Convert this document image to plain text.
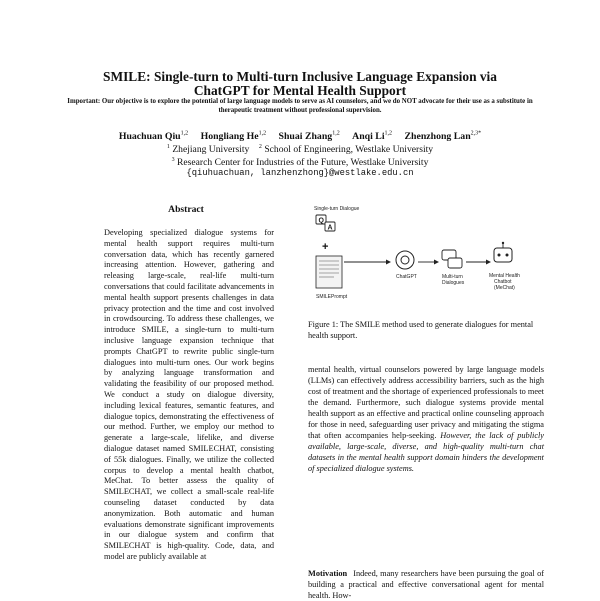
SMILE: Single-turn to Multi-turn Inclusive Language Expansion via
ChatGPT for Mental Health Support
Important: Our objective is to explore the potential of large language models to serve as AI counselors, and we do NOT advocate for their use as a substitute in therapeutic treatment without professional supervision.
Huachuan Qiu$^{1,2}$ Hongliang He$^{1,2}$ Shuai Zhang$^{1,2}$ Anqi Li$^{1,2}$ Zhenzhong Lan$^{2,3*}$
$^1$ Zhejiang University $^2$ School of Engineering, Westlake University
$^3$ Research Center for Industries of the Future, Westlake University
{qiuhuachuan, lanzhenzhong}@westlake.edu.cn
Abstract
Developing specialized dialogue systems for mental health support requires multi-turn conversation data, which has recently garnered increasing attention. However, gathering and releasing large-scale, real-life multi-turn conversations that could facilitate advancements in mental health support presents challenges in data privacy protection and the time and cost involved in crowdsourcing. To address these challenges, we introduce SMILE, a single-turn to multi-turn inclusive language expansion technique that prompts ChatGPT to rewrite public single-turn dialogues into multi-turn ones. Our work begins by analyzing language transformation and validating the feasibility of our proposed method. We conduct a study on dialogue diversity, including lexical features, semantic features, and dialogue topics, demonstrating the effectiveness of our method. Further, we employ our method to generate a large-scale, lifelike, and diverse dialogue dataset named SMILECHAT, consisting of 55k dialogues. Finally, we utilize the collected corpus to develop a mental health chatbot, MeChat. To better assess the quality of SMILECHAT, we collect a small-scale real-life counseling dataset conducted by data anonymization. Both automatic and human evaluations demonstrate significant improvements in our dialogue system and confirm that SMILECHAT is high-quality. Code, data, and model are publicly available at
Single-turn Dialogue
Q
A
+
SMILEPrompt
ChatGPT	Multi-turn
Dialogues
Mental Health
Chatbot
(MeChat)
Figure 1: The SMILE method used to generate dialogues for mental health support.
mental health, virtual counselors powered by large language models (LLMs) can effectively address accessibility barriers, such as the high cost of treatment and the shortage of experienced professionals to meet the demand. Furthermore, such dialogue systems provide mental health support as an effective and practical online counseling approach for those in need, safeguarding user privacy and mitigating the stigma that often accompanies help-seeking. However, the lack of publicly available, large-scale, diverse, and high-quality multi-turn chat datasets in the mental health support domain hinders the development of specialized dialogue systems.
Motivation Indeed, many researchers have been pursuing the goal of building a practical and effective conversational agent for mental health. How-
